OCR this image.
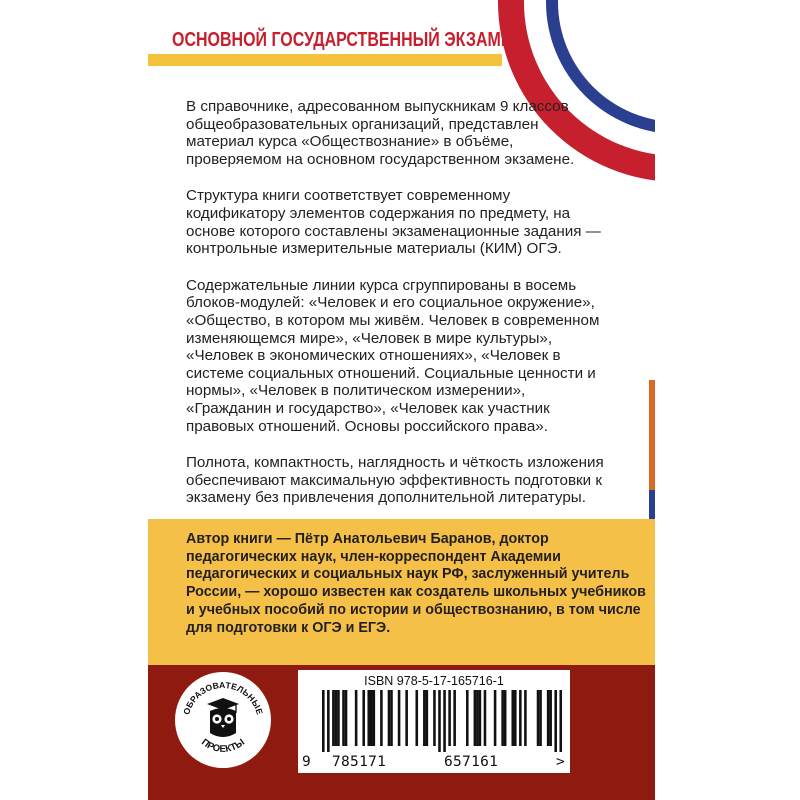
ОСНОВНОЙ ГОСУДАРСТВЕННЫЙ ЭКЗАМЕН

В справочнике, адресованном выпускникам 9 классов общеобразовательных организаций, представлен материал курса «Обществознание» в объёме, проверяемом на основном государственном экзамене.

Структура книги соответствует современному кодификатору элементов содержания по предмету, на основе которого составлены экзаменационные задания — контрольные измерительные материалы (КИМ) ОГЭ.

Содержательные линии курса сгруппированы в восемь блоков-модулей: «Человек и его социальное окружение», «Общество, в котором мы живём. Человек в современном изменяющемся мире», «Человек в мире культуры», «Человек в экономических отношениях», «Человек в системе социальных отношений. Социальные ценности и нормы», «Человек в политическом измерении», «Гражданин и государство», «Человек как участник правовых отношений. Основы российского права».

Полнота, компактность, наглядность и чёткость изложения обеспечивают максимальную эффективность подготовки к экзамену без привлечения дополнительной литературы.

Автор книги — Пётр Анатольевич Баранов, доктор педагогических наук, член-корреспондент Академии педагогических и социальных наук РФ, заслуженный учитель России, — хорошо известен как создатель школьных учебников и учебных пособий по истории и обществознанию, в том числе для подготовки к ОГЭ и ЕГЭ.
ОБРАЗОВАТЕЛЬНЫЕ
ПРОЕКТЫ
ISBN 978-5-17-165716-1
9 785171	657161	>
